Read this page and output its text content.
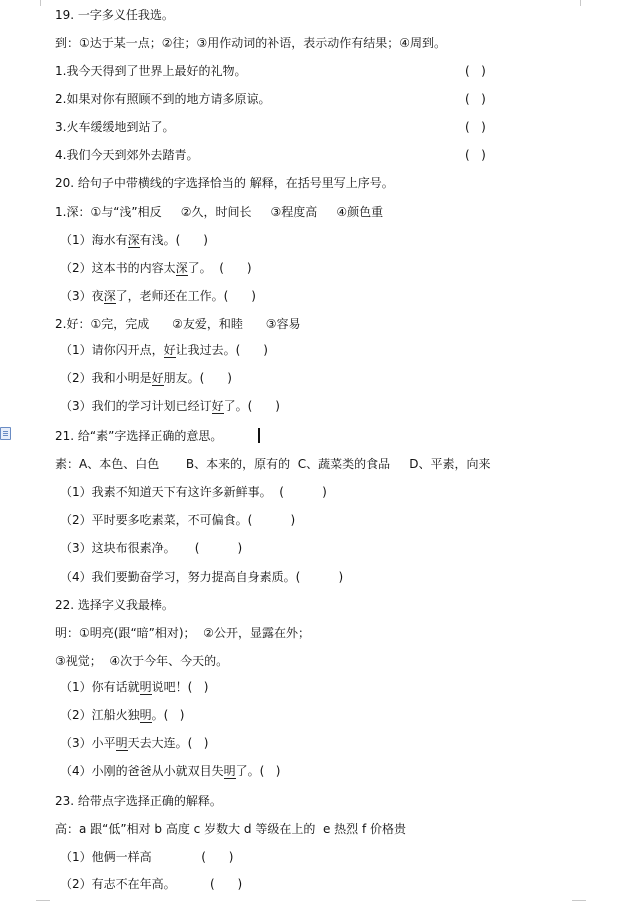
19. 一字多义任我选。
到：①达于某一点；②往；③用作动词的补语，表示动作有结果；④周到。
1.我今天得到了世界上最好的礼物。	(   )
2.如果对你有照顾不到的地方请多原谅。	(   )
3.火车缓缓地到站了。	(   )
4.我们今天到郊外去踏青。	(   )
20. 给句子中带横线的字选择恰当的 解释，在括号里写上序号。
1.深：①与“浅”相反     ②久，时间长     ③程度高     ④颜色重
（1）海水有深有浅。(      )
（2）这本书的内容太深了。  (      )
（3）夜深了，老师还在工作。(      )
2.好：①完，完成      ②友爱，和睦      ③容易
（1）请你闪开点，好让我过去。(      )
（2）我和小明是好朋友。(      )
（3）我们的学习计划已经订好了。(      )
21. 给“素”字选择正确的意思。
素：A、本色、白色       B、本来的，原有的  C、蔬菜类的食品     D、平素，向来
（1）我素不知道天下有这许多新鲜事。  (          )
（2）平时要多吃素菜，不可偏食。(          )
（3）这块布很素净。     (          )
（4）我们要勤奋学习，努力提高自身素质。(          )
22. 选择字义我最棒。
明：①明亮(跟“暗”相对)；  ②公开，显露在外；
③视觉；  ④次于今年、今天的。
（1）你有话就明说吧！(   )
（2）江船火独明。(   )
（3）小平明天去大连。(   )
（4）小刚的爸爸从小就双目失明了。(   )
23. 给带点字选择正确的解释。
高：a 跟“低”相对 b 高度 c 岁数大 d 等级在上的  e 热烈 f 价格贵
（1）他俩一样高             (      )
（2）有志不在年高。         (      )
